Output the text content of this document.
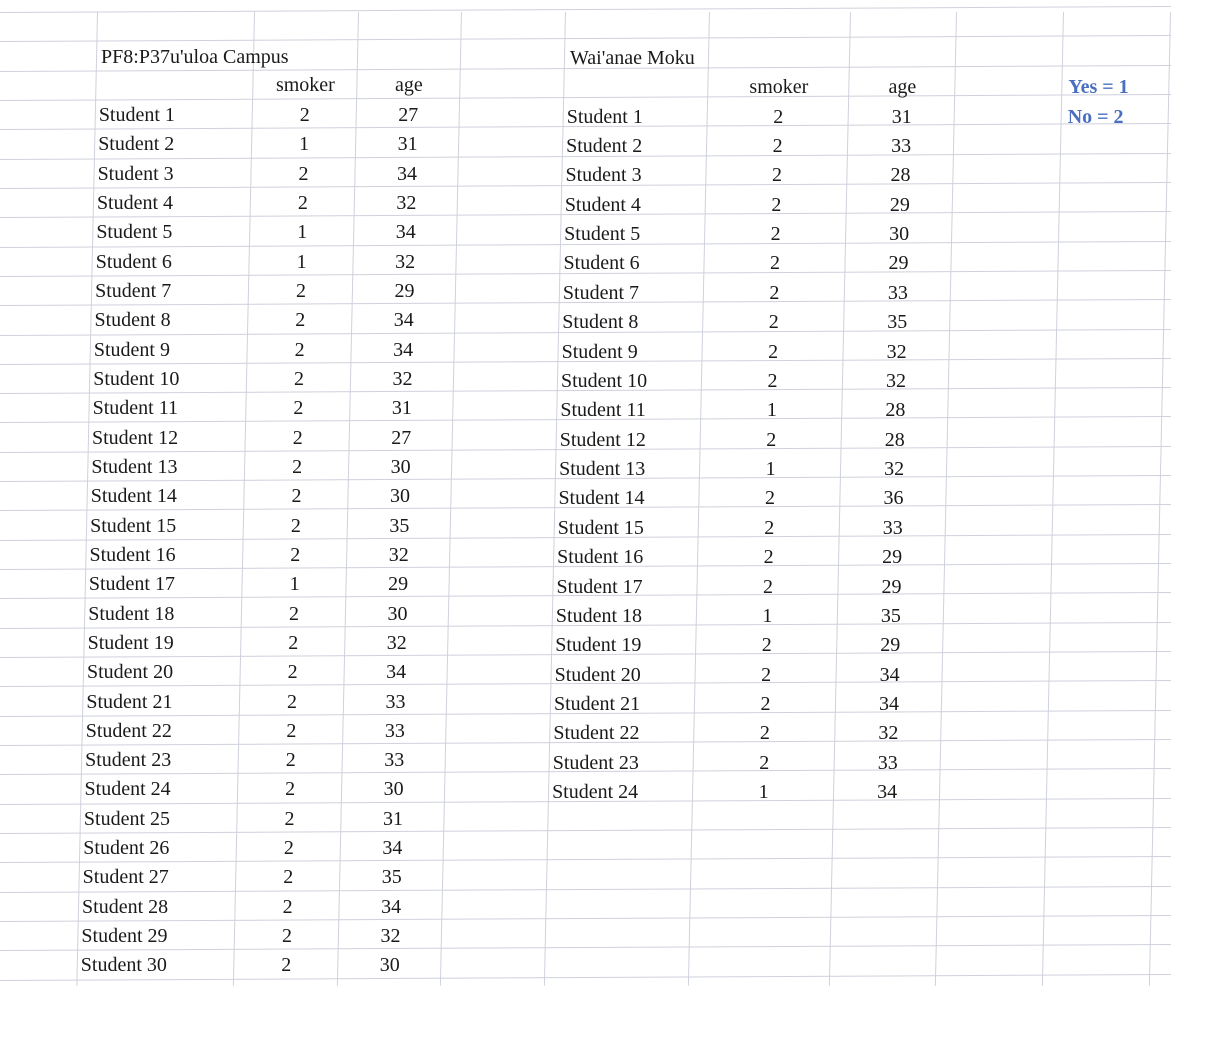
PF8:P37u'uloa Campus
smoker	age
Student 1	2	27
Student 2	1	31
Student 3	2	34
Student 4	2	32
Student 5	1	34
Student 6	1	32
Student 7	2	29
Student 8	2	34
Student 9	2	34
Student 10	2	32
Student 11	2	31
Student 12	2	27
Student 13	2	30
Student 14	2	30
Student 15	2	35
Student 16	2	32
Student 17	1	29
Student 18	2	30
Student 19	2	32
Student 20	2	34
Student 21	2	33
Student 22	2	33
Student 23	2	33
Student 24	2	30
Student 25	2	31
Student 26	2	34
Student 27	2	35
Student 28	2	34
Student 29	2	32
Student 30	2	30
Wai'anae Moku
smoker	age
Student 1	2	31
Student 2	2	33
Student 3	2	28
Student 4	2	29
Student 5	2	30
Student 6	2	29
Student 7	2	33
Student 8	2	35
Student 9	2	32
Student 10	2	32
Student 11	1	28
Student 12	2	28
Student 13	1	32
Student 14	2	36
Student 15	2	33
Student 16	2	29
Student 17	2	29
Student 18	1	35
Student 19	2	29
Student 20	2	34
Student 21	2	34
Student 22	2	32
Student 23	2	33
Student 24	1	34
Yes = 1
No = 2
